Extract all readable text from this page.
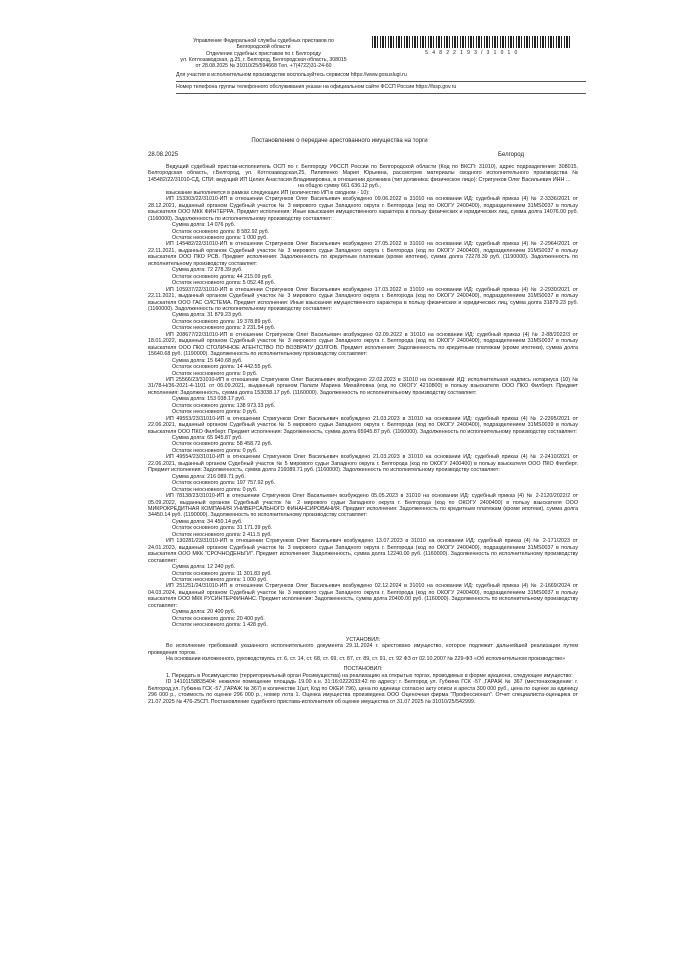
Управление Федеральной службы судебных приставов по
Белгородской области
Отделение судебных приставов по г. Белгороду
ул. Котлозаводская, д.25, г. Белгород, Белгородская область, 308015
от 28.08.2025 № 31010/25/594668 Тел. +7(4722)31-24-60
5 4 8 2 2 1 9 3 / 3 1 0 1 0
Для участия в исполнительном производстве воспользуйтесь сервисом https://www.gosuslugi.ru
Номер телефона группы телефонного обслуживания указан на официальном сайте ФССП России https://fssp.gov.ru
Постановление о передаче арестованного имущества на торги
28.08.2025	Белгород

Ведущий судебный пристав-исполнитель ОСП по г. Белгороду УФССП России по Белгородской области (Код по ВКСП: 31010), адрес подразделения: 308015, Белгородская область, г.Белгород, ул. Котлозаводская,25, Пилипенко Мария Юрьевна, рассмотрев материалы сводного исполнительного производства № 145482/22/31010-СД, СПИ: ведущий ИП Целих Анастасия Владимировна, в отношении должника (тип должника: физическое лицо): Стригунков Олег Васильевич ИНН ...

на общую сумму 661 636.12 руб.,

взыскание выполняется в рамках следующих ИП (количество ИП в сводном - 10):

ИП 153303/22/31010-ИП в отношении Стригунков Олег Васильевич возбуждено 09.06.2022 в 31010 на основании ИД: судебный приказ (4) № 2-3336/2021 от 28.12.2021, выданный органом Судебный участок № 3 мирового судьи Западного округа г. Белгорода (код по ОКОГУ 2400400), подразделением 31MS0037 в пользу взыскателя ООО МКК ФИНТЕРРА. Предмет исполнения: Иные взыскания имущественного характера в пользу физических и юридических лиц, сумма долга 14076.00 руб. (1160000). Задолженность по исполнительному производству составляет:

Сумма долга: 14 076 руб.

Остаток основного долга: 8 582.92 руб.

Остаток неосновного долга: 1 000 руб.

ИП 145482/22/31010-ИП в отношении Стригунков Олег Васильевич возбуждено 27.05.2022 в 31010 на основании ИД: судебный приказ (4) № 2-2964/2021 от 22.11.2021, выданный органом Судебный участок № 3 мирового судьи Западного округа г. Белгорода (код по ОКОГУ 2400400), подразделением 31MS0037 в пользу взыскателя ООО ПКО РСВ. Предмет исполнения: Задолженность по кредитным платежам (кроме ипотеки), сумма долга 72278.39 руб. (1190000). Задолженность по исполнительному производству составляет:

Сумма долга: 72 278.39 руб.

Остаток основного долга: 44 215.09 руб.

Остаток неосновного долга: 5 052.48 руб.

ИП 105937/22/31010-ИП в отношении Стригунков Олег Васильевич возбуждено 17.03.2022 в 31010 на основании ИД: судебный приказ (4) № 2-2930/2021 от 22.11.2021, выданный органом Судебный участок № 3 мирового судьи Западного округа г. Белгорода (код по ОКОГУ 2400400), подразделением 31MS0037 в пользу взыскателя ООО ГАС СИСТЕМА. Предмет исполнения: Иные взыскания имущественного характера в пользу физических и юридических лиц, сумма долга 31879.23 руб. (1160000). Задолженность по исполнительному производству составляет:

Сумма долга: 31 879.23 руб.

Остаток основного долга: 19 378.89 руб.

Остаток неосновного долга: 2 231.54 руб.

ИП 208677/22/31010-ИП в отношении Стригунков Олег Васильевич возбуждено 02.09.2022 в 31010 на основании ИД: судебный приказ (4) № 2-88/2022/3 от 18.01.2022, выданный органом Судебный участок № 3 мирового судьи Западного округа г. Белгорода (код по ОКОГУ 2400400), подразделением 31MS0037 в пользу взыскателя ООО ПКО СТОЛИЧНОЕ АГЕНТСТВО ПО ВОЗВРАТУ ДОЛГОВ. Предмет исполнения: Задолженность по кредитным платежам (кроме ипотеки), сумма долга 15640.68 руб. (1190000). Задолженность по исполнительному производству составляет:

Сумма долга: 15 640.68 руб.

Остаток основного долга: 14 442.55 руб.

Остаток неосновного долга: 0 руб.

ИП 25566/23/31010-ИП в отношении Стригунков Олег Васильевич возбуждено 22.02.2023 в 31010 на основании ИД: исполнительная надпись нотариуса (10) № 31/78-Н/36-2021-4-1101 от 06.09.2021, выданный органом Палати Марина Михайловна (код по ОКОГУ 4210800) в пользу взыскателя ООО ПКО Филберт. Предмет исполнения: Задолженность, сумма долга 153038.17 руб. (1160000). Задолженность по исполнительному производству составляет:

Сумма долга: 153 038.17 руб.

Остаток основного долга: 138 973.33 руб.

Остаток неосновного долга: 0 руб.

ИП 49553/23/31010-ИП в отношении Стригунков Олег Васильевич возбуждено 21.03.2023 в 31010 на основании ИД: судебный приказ (4) № 2-2395/2021 от 22.06.2021, выданный органом Судебный участок № 5 мирового судьи Западного округа г. Белгорода (код по ОКОГУ 2400400), подразделением 31MS0039 в пользу взыскателя ООО ПКО Филберт. Предмет исполнения: Задолженность, сумма долга 65945.87 руб. (1160000). Задолженность по исполнительному производству составляет:

Сумма долга: 65 945.87 руб.

Остаток основного долга: 58 458.72 руб.

Остаток неосновного долга: 0 руб.

ИП 49554/23/31010-ИП в отношении Стригунков Олег Васильевич возбуждено 21.03.2023 в 31010 на основании ИД: судебный приказ (4) № 2-2410/2021 от 22.06.2021, выданный органом Судебный участок № 5 мирового судьи Западного округа г. Белгорода (код по ОКОГУ 2400400) в пользу взыскателя ООО ПКО Филберт. Предмет исполнения: Задолженность, сумма долга 216089.71 руб. (1160000). Задолженность по исполнительному производству составляет:

Сумма долга: 216 089.71 руб.

Остаток основного долга: 197 757.92 руб.

Остаток неосновного долга: 0 руб.

ИП 78138/23/31010-ИП в отношении Стригунков Олег Васильевич возбуждено 05.05.2023 в 31010 на основании ИД: судебный приказ (4) № 2-2120/2022/2 от 05.09.2022, выданный органом Судебный участок № 2 мирового судьи Западного округа г. Белгорода (код по ОКОГУ 2400400) в пользу взыскателя ООО МИКРОКРЕДИТНАЯ КОМПАНИЯ УНИВЕРСАЛЬНОГО ФИНАНСИРОВАНИЯ. Предмет исполнения: Задолженность по кредитным платежам (кроме ипотеки), сумма долга 34450.14 руб. (1190000). Задолженность по исполнительному производству составляет:

Сумма долга: 34 450.14 руб.

Остаток основного долга: 31 171.39 руб.

Остаток неосновного долга: 2 411.5 руб.

ИП 130281/23/31010-ИП в отношении Стригунков Олег Васильевич возбуждено 13.07.2023 в 31010 на основании ИД: судебный приказ (4) № 2-171/2023 от 24.01.2023, выданный органом Судебный участок № 3 мирового судьи Западного округа г. Белгорода (код по ОКОГУ 2400400), подразделением 31MS0037 в пользу взыскателя ООО МКК "СРОЧНОДЕНЬГИ". Предмет исполнения: Задолженность, сумма долга 12240.00 руб. (1160000). Задолженность по исполнительному производству составляет:

Сумма долга: 12 240 руб.

Остаток основного долга: 11 301.83 руб.

Остаток неосновного долга: 1 000 руб.

ИП 251251/24/31010-ИП в отношении Стригунков Олег Васильевич возбуждено 02.12.2024 в 31010 на основании ИД: судебный приказ (4) № 2-1669/2024 от 04.03.2024, выданный органом Судебный участок № 3 мирового судьи Западного округа г. Белгорода (код по ОКОГУ 2400400), подразделением 31MS0037 в пользу взыскателя ООО МКК РУСИНТЕРФИНАНС. Предмет исполнения: Задолженность, сумма долга 20400.00 руб. (1160000). Задолженность по исполнительному производству составляет:

Сумма долга: 20 400 руб.

Остаток основного долга: 20 400 руб.

Остаток неосновного долга: 1 428 руб.

УСТАНОВИЛ:

Во исполнение требований указанного исполнительного документа 29.11.2024 г. арестовано имущество, которое подлежит дальнейшей реализации путем проведения торгов.

На основании изложенного, руководствуясь ст. 6, ст. 14, ст. 68, ст. 69, ст. 87, ст. 89, ст. 91, ст. 92 ФЗ от 02.10.2007 № 229-ФЗ «Об исполнительном производстве»

ПОСТАНОВИЛ:

1. Передать в Росимущество (территориальный орган Росимущества) на реализацию на открытых торгах, проводимых в форме аукциона, следующее имущество:

ID 14101158835404: нежилое помещение площадь 19.00 к.н. 31:16:0222033:42 по адресу: г. Белгород ул. Губкина ГСК -57 ,ГАРАЖ № 367 (местонахождение: г. Белгород,ул. Губкина ГСК -57 ,ГАРАЖ № 367) в количестве 1(шт, Код по ОКЕИ 796), цена по единице согласно акту описи и ареста 300 000 руб., цена по оценке за единицу 296 000 р., стоимость по оценке 296 000 р., номер лота 1. Оценка имущества произведена ООО Оценочная фирма "Профессионал". Отчет специалиста-оценщика от 21.07.2025 № 476-25СП. Постановление судебного пристава-исполнителя об оценке имущества от 31.07.2025 № 31010/25/542999.
